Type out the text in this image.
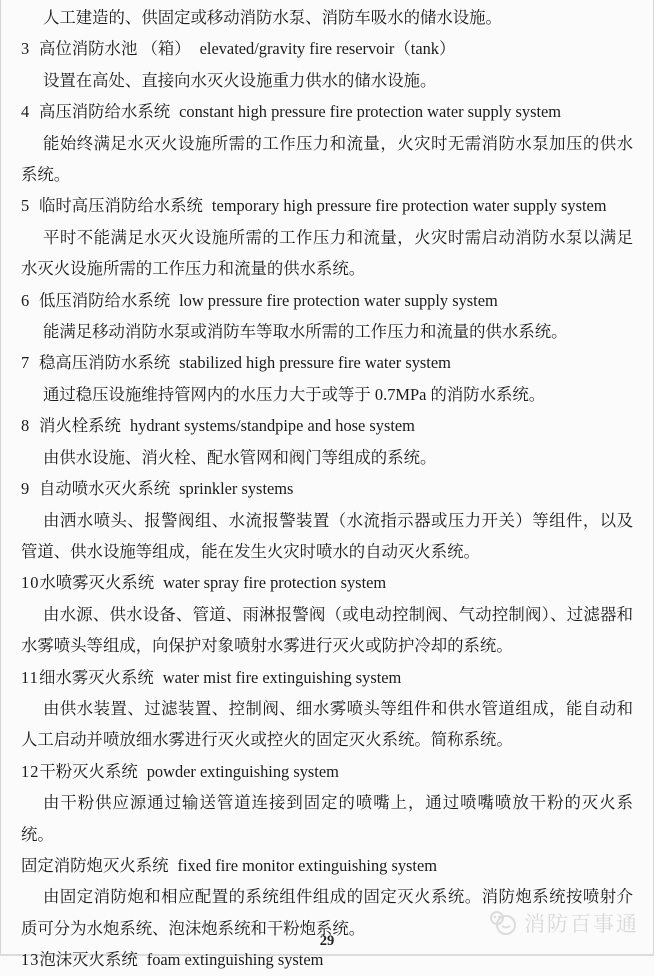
人工建造的、供固定或移动消防水泵、消防车吸水的储水设施。

3 高位消防水池 （箱） elevated/gravity fire reservoir（tank）

设置在高处、直接向水灭火设施重力供水的储水设施。

4 高压消防给水系统 constant high pressure fire protection water supply system

能始终满足水灭火设施所需的工作压力和流量，火灾时无需消防水泵加压的供水系统。

5 临时高压消防给水系统 temporary high pressure fire protection water supply system

平时不能满足水灭火设施所需的工作压力和流量，火灾时需启动消防水泵以满足水灭火设施所需的工作压力和流量的供水系统。

6 低压消防给水系统 low pressure fire protection water supply system

能满足移动消防水泵或消防车等取水所需的工作压力和流量的供水系统。

7 稳高压消防水系统 stabilized high pressure fire water system

通过稳压设施维持管网内的水压力大于或等于 0.7MPa 的消防水系统。

8 消火栓系统 hydrant systems/standpipe and hose system

由供水设施、消火栓、配水管网和阀门等组成的系统。

9 自动喷水灭火系统 sprinkler systems

由洒水喷头、报警阀组、水流报警装置（水流指示器或压力开关）等组件，以及管道、供水设施等组成，能在发生火灾时喷水的自动灭火系统。

10水喷雾灭火系统 water spray fire protection system

由水源、供水设备、管道、雨淋报警阀（或电动控制阀、气动控制阀）、过滤器和水雾喷头等组成，向保护对象喷射水雾进行灭火或防护冷却的系统。

11细水雾灭火系统 water mist fire extinguishing system

由供水装置、过滤装置、控制阀、细水雾喷头等组件和供水管道组成，能自动和人工启动并喷放细水雾进行灭火或控火的固定灭火系统。简称系统。

12干粉灭火系统 powder extinguishing system

由干粉供应源通过输送管道连接到固定的喷嘴上，通过喷嘴喷放干粉的灭火系统。

固定消防炮灭火系统 fixed fire monitor extinguishing system

由固定消防炮和相应配置的系统组件组成的固定灭火系统。消防炮系统按喷射介质可分为水炮系统、泡沫炮系统和干粉炮系统。

13泡沫灭火系统 foam extinguishing system

29
消防百事通
